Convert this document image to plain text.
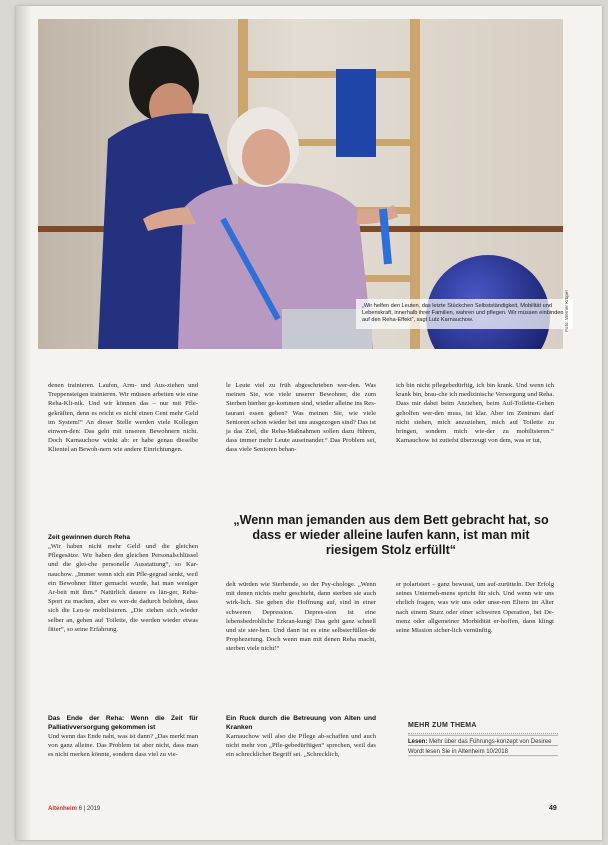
„Wir helfen den Leuten, das letzte Stückchen Selbstständigkeit, Mobilität und Lebenskraft, innerhalb ihrer Familien, wahren und pflegen. Wir müssen einbinden auf den Reha-Effekt“, sagt Lutz Karnauchow.	Foto: Werner Krüper

denen trainieren. Laufen, Arm- und Aus-ziehen und Treppensteigen trainieren. Wir müssen arbeiten wie eine Reha-Kli-nik. Und wir können das – nur mit Pfle-gekräften, denn es reicht es nicht einen Cent mehr Geld im System!“ An dieser Stelle werden viele Kollegen einwen-den: Das geht mit unseren Bewohnern nicht. Doch Karnauchow winkt ab: er habe genau dieselbe Klientel an Bewoh-nern wie andere Einrichtungen.

Zeit gewinnen durch Reha

„Wir haben nicht mehr Geld und die gleichen Pflegesätze. Wir haben den gleichen Personalschlüssel und die glei-che personelle Ausstattung“, so Kar-nauchow. „Immer wenn sich ein Pfle-gegrad senkt, weil ein Bewohner fitter gemacht wurde, hat man weniger Ar-beit mit ihm.“ Natürlich dauere es län-ger, Reha-Sport zu machen, aber es wer-de dadurch belohnt, dass sich die Leu-te mobilisieren. „Die ziehen sich wieder selber an, gehen auf Toilette, die werden wieder etwas fitter“, so seine Erfahrung.

Das Ende der Reha: Wenn die Zeit für Palliativversorgung gekommen ist

Und wenn das Ende naht, was ist dann? „Das merkt man von ganz alleine. Das Problem ist aber nicht, dass man es nicht merken könnte, sondern dass viel zu vie-

le Leute viel zu früh abgeschrieben wer-den. Was meinen Sie, wie viele unserer Bewohner, die zum Sterben hierher ge-kommen sind, wieder alleine ins Res-taurant essen gehen? Was meinen Sie, wie viele Senioren schon wieder bei uns ausgezogen sind? Das ist ja das Ziel, die Reha-Maßnahmen sollen dazu führen, dass immer mehr Leute auseinander.“ Das Problem sei, dass viele Senioren behan-

delt würden wie Sterbende, so der Psy-chologe. „Wenn mit denen nichts mehr geschieht, dann sterben sie auch wirk-lich. Sie geben die Hoffnung auf, sind in einer schweren Depression. Depres-sion ist eine lebensbedrohliche Erkran-kung! Das geht ganz schnell und sie ster-ben. Und dann ist es eine selbsterfüllen-de Prophezeiung. Doch wenn man mit denen Reha macht, sterben viele nicht!“

Ein Ruck durch die Betreuung von Alten und Kranken

Karnauchow will also die Pflege ab-schaffen und auch nicht mehr von „Pfle-gebedürftigen“ sprechen, weil das ein schrecklicher Begriff sei. „Schrecklich,

ich bin nicht pflegebedürftig, ich bin krank. Und wenn ich krank bin, brau-che ich medizinische Versorgung und Reha. Dass mir dabei beim Anziehen, beim Auf-Toilette-Gehen geholfen wer-den muss, ist klar. Aber im Zentrum darf nicht stehen, mich anzuziehen, mich auf Toilette zu bringen, sondern mich wie-der zu mobilisieren.“ Karnauchow ist zutiefst überzeugt von dem, was er tut,

er polarisiert – ganz bewusst, um auf-zurütteln. Der Erfolg seines Unterneh-mens spricht für sich. Und wenn wir uns ehrlich fragen, was wir uns oder unse-ren Eltern im Alter nach einem Sturz oder einer schweren Operation, bei De-menz oder allgemeiner Morbidität er-hoffen, dann klingt seine Mission sicher-lich vernünftig.

„Wenn man jemanden aus dem Bett gebracht hat, so dass er wieder alleine laufen kann, ist man mit riesigem Stolz erfüllt“
MEHR ZUM THEMA
Lesen: Mehr über das Führungs-konzept von Desiree Wordt lesen Sie in Altenheim 10/2018
Altenheim 6 | 2019	49
